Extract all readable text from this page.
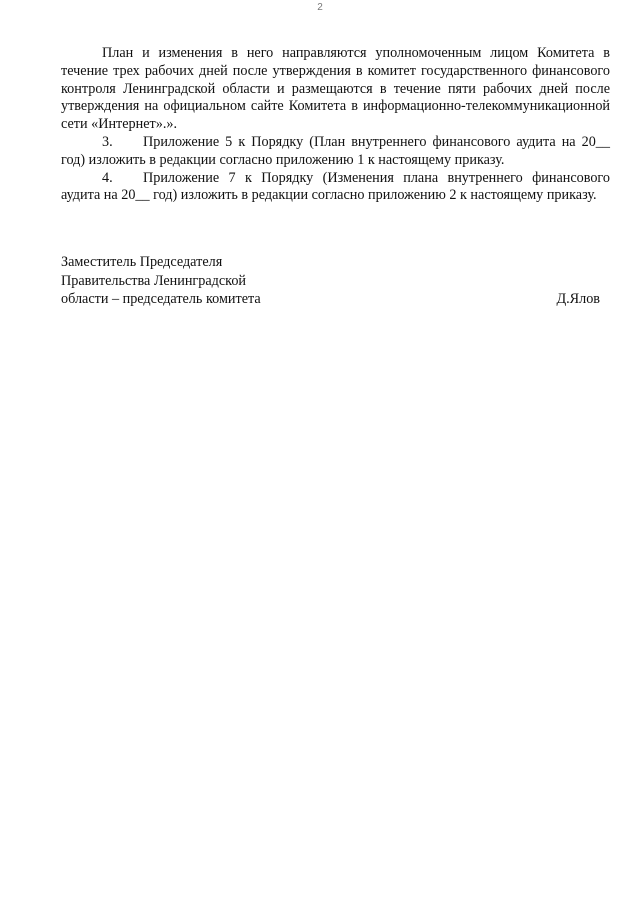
2

План и изменения в него направляются уполномоченным лицом Комитета в течение трех рабочих дней после утверждения в комитет государственного финансового контроля Ленинградской области и размещаются в течение пяти рабочих дней после утверждения на официальном сайте Комитета в информационно-телекоммуникационной сети «Интернет».».

3. Приложение 5 к Порядку (План внутреннего финансового аудита на 20__ год) изложить в редакции согласно приложению 1 к настоящему приказу.

4. Приложение 7 к Порядку (Изменения плана внутреннего финансового аудита на 20__ год) изложить в редакции согласно приложению 2 к настоящему приказу.

Заместитель Председателя
Правительства Ленинградской
области – председатель комитета	Д.Ялов
